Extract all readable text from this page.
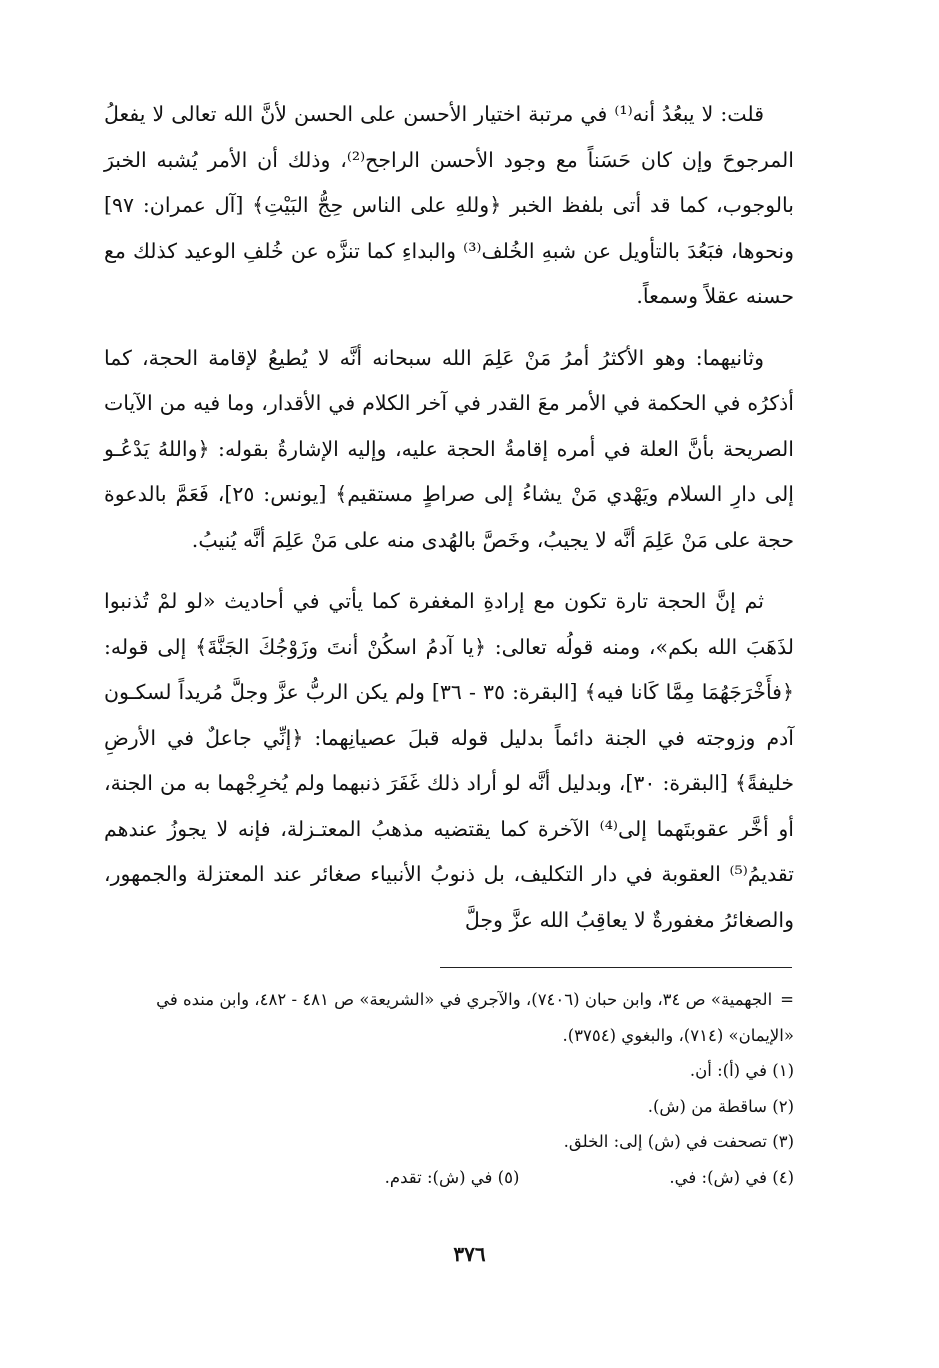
قلت: لا يبعُدُ أنه⁽¹⁾ في مرتبة اختيار الأحسن على الحسن لأنَّ الله تعالى لا يفعلُ المرجوحَ وإن كان حَسَناً مع وجود الأحسن الراجح⁽²⁾، وذلك أن الأمر يُشبه الخبرَ بالوجوب، كما قد أتى بلفظ الخبر ﴿وللهِ على الناس حِجُّ البَيْتِ﴾ [آل عمران: ٩٧] ونحوها، فبَعُدَ بالتأويل عن شبهِ الخُلف⁽³⁾ والبداءِ كما تنزَّه عن خُلفِ الوعيد كذلك مع حسنه عقلاً وسمعاً.

وثانيهما: وهو الأكثرُ أمرُ مَنْ عَلِمَ الله سبحانه أنَّه لا يُطيعُ لإقامة الحجة، كما أذكرُه في الحكمة في الأمر معَ القدر في آخر الكلام في الأقدار، وما فيه من الآيات الصريحة بأنَّ العلة في أمره إقامةُ الحجة عليه، وإليه الإشارةُ بقوله: ﴿واللهُ يَدْعُـو إلى دارِ السلام ويَهْدي مَنْ يشاءُ إلى صراطٍ مستقيم﴾ [يونس: ٢٥]، فَعَمَّ بالدعوة حجة على مَنْ عَلِمَ أنَّه لا يجيبُ، وخَصَّ بالهُدى منه على مَنْ عَلِمَ أنَّه يُنيبُ.

ثم إنَّ الحجة تارة تكون مع إرادةِ المغفرة كما يأتي في أحاديث «لو لمْ تُذنبوا لذَهَبَ الله بكم»، ومنه قولُه تعالى: ﴿يا آدمُ اسكُنْ أنتَ وزَوْجُكَ الجَنَّةَ﴾ إلى قوله: ﴿فأَخْرَجَهُمَا مِمَّا كَانا فيه﴾ [البقرة: ٣٥ - ٣٦] ولم يكن الربُّ عزَّ وجلَّ مُريداً لسكـون آدم وزوجته في الجنة دائماً بدليل قوله قبلَ عصيانِهما: ﴿إنِّي جاعلٌ في الأرضِ خليفةً﴾ [البقرة: ٣٠]، وبدليل أنَّه لو أراد ذلك غَفَرَ ذنبهما ولم يُخرِجْهما به من الجنة، أو أخَّر عقوبتَهما إلى⁽⁴⁾ الآخرة كما يقتضيه مذهبُ المعتـزلة، فإنه لا يجوزُ عندهم تقديمُ⁽⁵⁾ العقوبة في دار التكليف، بل ذنوبُ الأنبياء صغائر عند المعتزلة والجمهور، والصغائرُ مغفورةٌ لا يعاقِبُ الله عزَّ وجلَّ

=الجهمية» ص ٣٤، وابن حبان (٧٤٠٦)، والآجري في «الشريعة» ص ٤٨١ - ٤٨٢، وابن منده في «الإيمان» (٧١٤)، والبغوي (٣٧٥٤).

(١) في (أ): أن.

(٢) ساقطة من (ش).

(٣) تصحفت في (ش) إلى: الخلق.

(٤) في (ش): في.
(٥) في (ش): تقدم.
٣٧٦
